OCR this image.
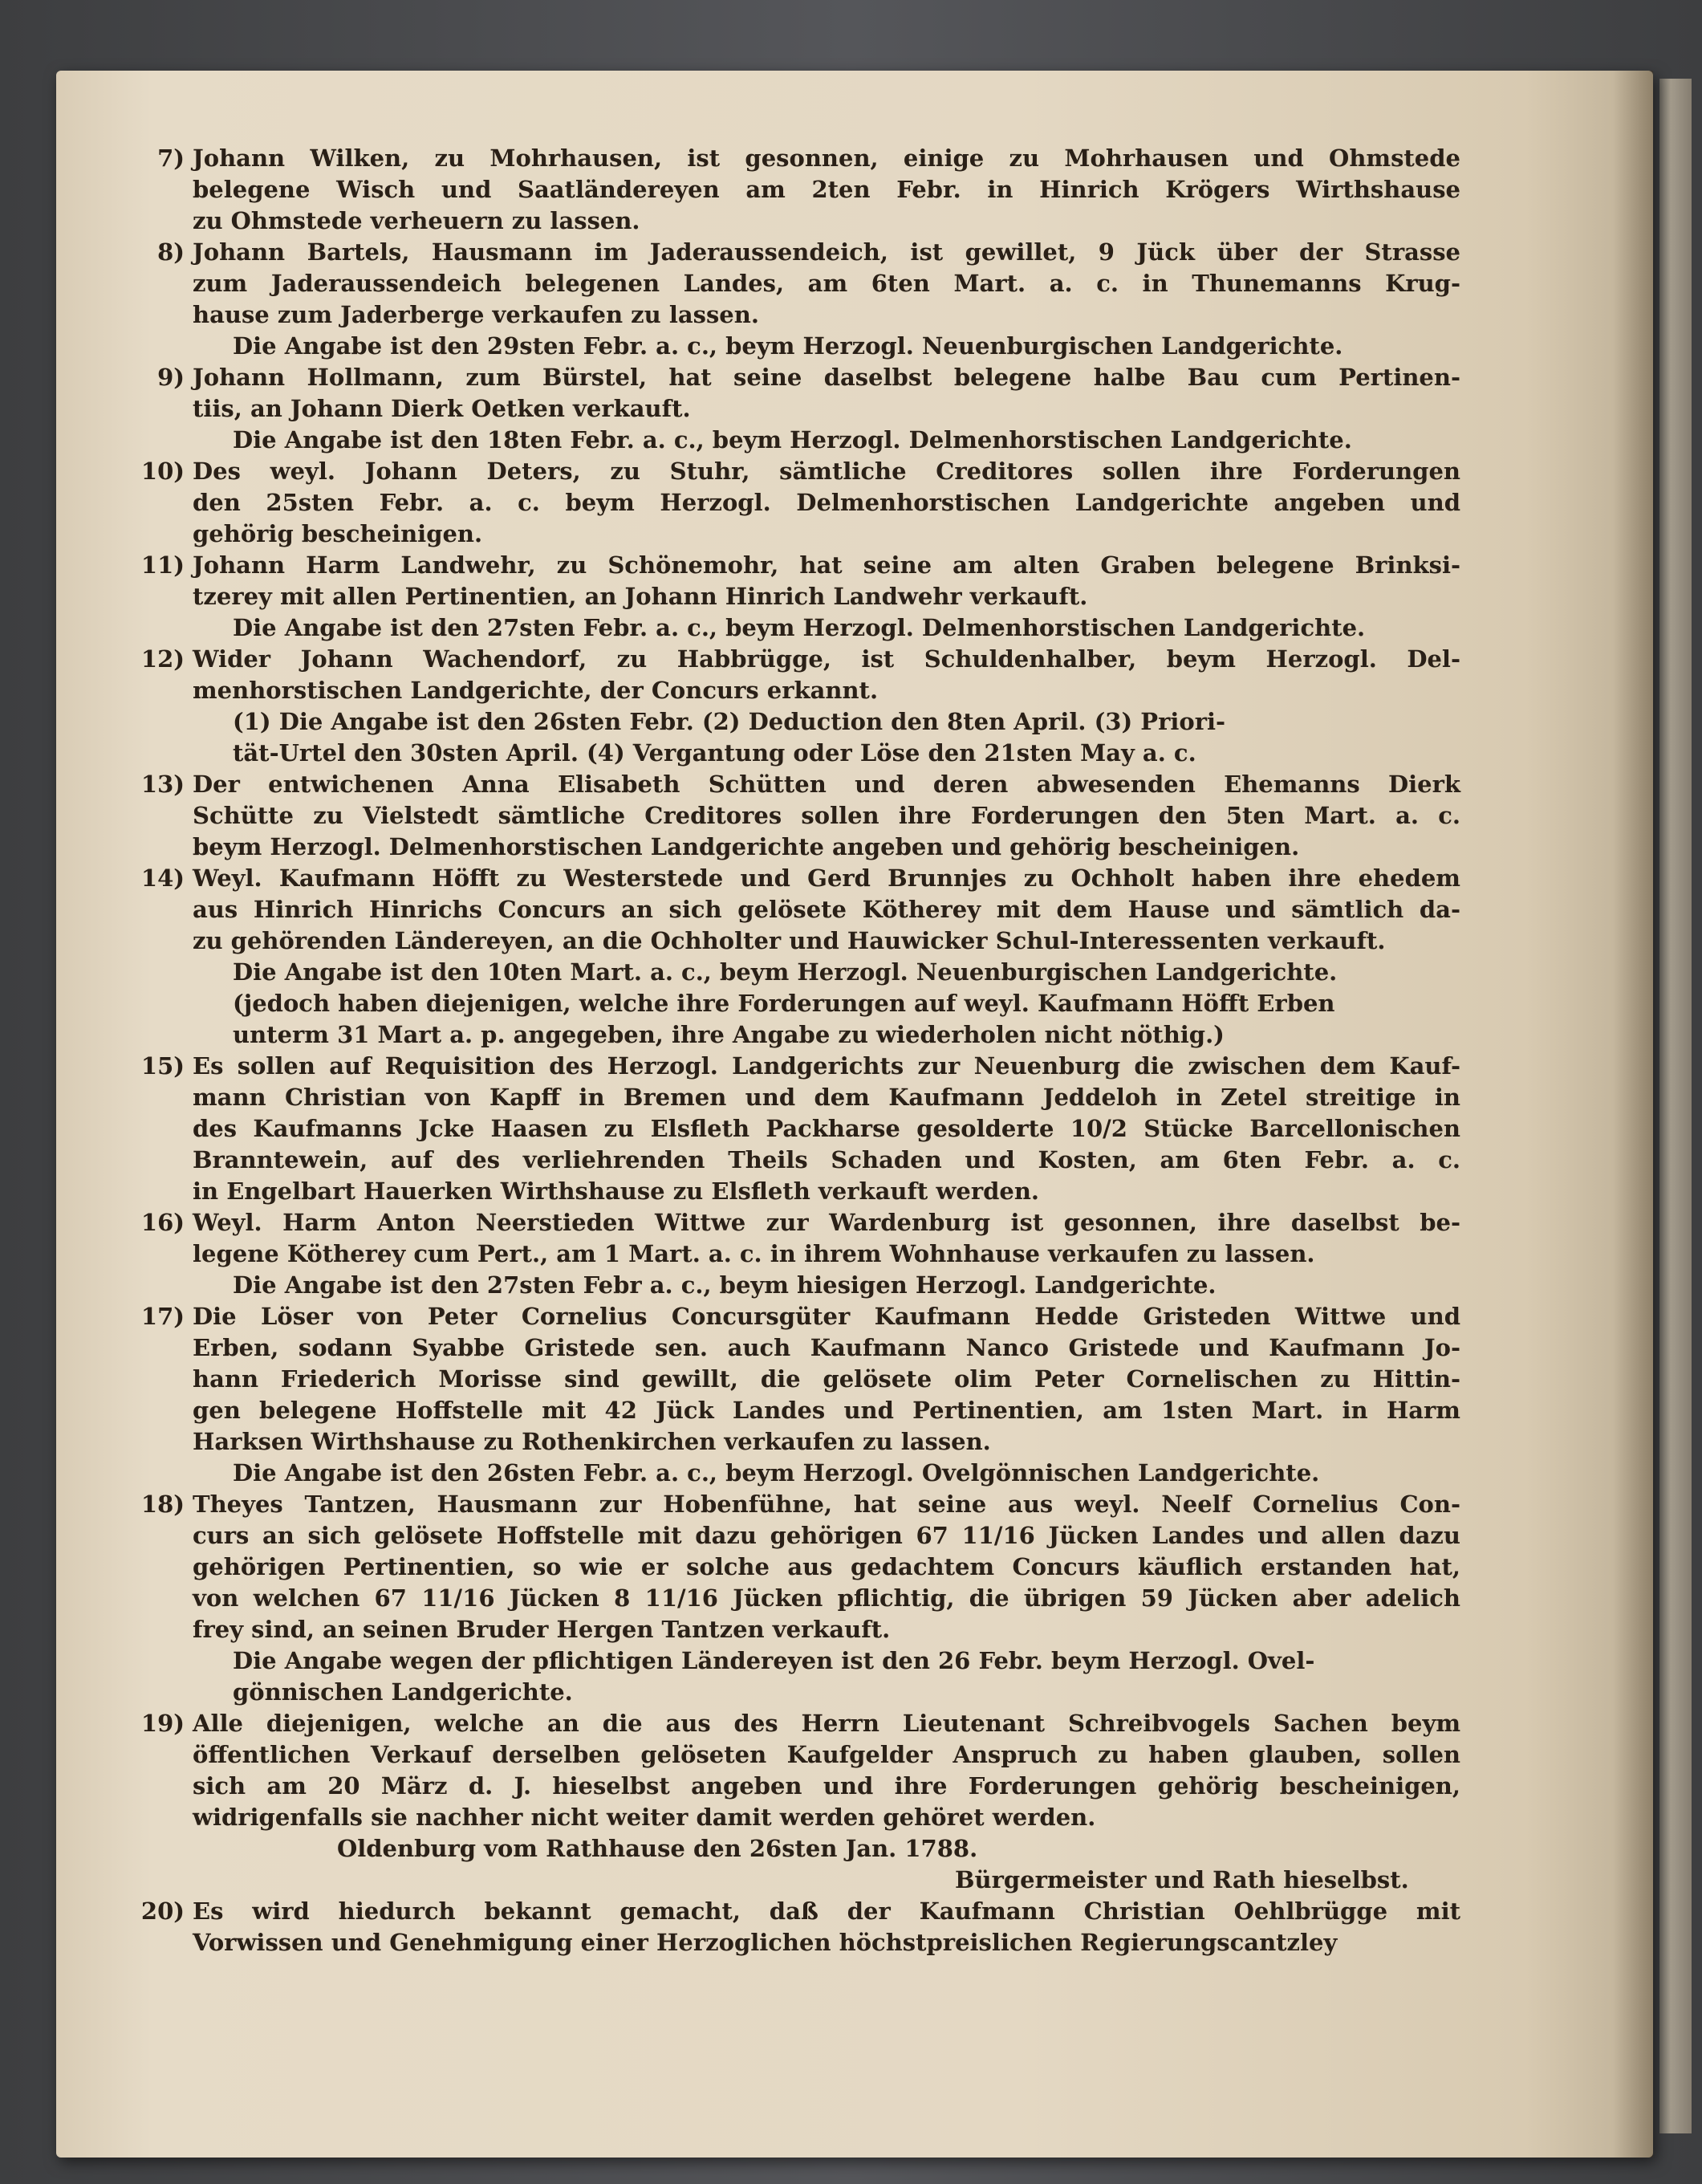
7) Johann Wilken, zu Mohrhausen, ist gesonnen, einige zu Mohrhausen und Ohmstede
belegene Wisch und Saatländereyen am 2ten Febr. in Hinrich Krögers Wirthshause
zu Ohmstede verheuern zu lassen.
8) Johann Bartels, Hausmann im Jaderaussendeich, ist gewillet, 9 Jück über der Strasse
zum Jaderaussendeich belegenen Landes, am 6ten Mart. a. c. in Thunemanns Krug-
hause zum Jaderberge verkaufen zu lassen.
Die Angabe ist den 29sten Febr. a. c., beym Herzogl. Neuenburgischen Landgerichte.
9) Johann Hollmann, zum Bürstel, hat seine daselbst belegene halbe Bau cum Pertinen-
tiis, an Johann Dierk Oetken verkauft.
Die Angabe ist den 18ten Febr. a. c., beym Herzogl. Delmenhorstischen Landgerichte.
10) Des weyl. Johann Deters, zu Stuhr, sämtliche Creditores sollen ihre Forderungen
den 25sten Febr. a. c. beym Herzogl. Delmenhorstischen Landgerichte angeben und
gehörig bescheinigen.
11) Johann Harm Landwehr, zu Schönemohr, hat seine am alten Graben belegene Brinksi-
tzerey mit allen Pertinentien, an Johann Hinrich Landwehr verkauft.
Die Angabe ist den 27sten Febr. a. c., beym Herzogl. Delmenhorstischen Landgerichte.
12) Wider Johann Wachendorf, zu Habbrügge, ist Schuldenhalber, beym Herzogl. Del-
menhorstischen Landgerichte, der Concurs erkannt.
(1) Die Angabe ist den 26sten Febr. (2) Deduction den 8ten April. (3) Priori-
tät-Urtel den 30sten April. (4) Vergantung oder Löse den 21sten May a. c.
13) Der entwichenen Anna Elisabeth Schütten und deren abwesenden Ehemanns Dierk
Schütte zu Vielstedt sämtliche Creditores sollen ihre Forderungen den 5ten Mart. a. c.
beym Herzogl. Delmenhorstischen Landgerichte angeben und gehörig bescheinigen.
14) Weyl. Kaufmann Höfft zu Westerstede und Gerd Brunnjes zu Ochholt haben ihre ehedem
aus Hinrich Hinrichs Concurs an sich gelösete Kötherey mit dem Hause und sämtlich da-
zu gehörenden Ländereyen, an die Ochholter und Hauwicker Schul-Interessenten verkauft.
Die Angabe ist den 10ten Mart. a. c., beym Herzogl. Neuenburgischen Landgerichte.
(jedoch haben diejenigen, welche ihre Forderungen auf weyl. Kaufmann Höfft Erben
unterm 31 Mart a. p. angegeben, ihre Angabe zu wiederholen nicht nöthig.)
15) Es sollen auf Requisition des Herzogl. Landgerichts zur Neuenburg die zwischen dem Kauf-
mann Christian von Kapff in Bremen und dem Kaufmann Jeddeloh in Zetel streitige in
des Kaufmanns Jcke Haasen zu Elsfleth Packharse gesolderte 10/2 Stücke Barcellonischen
Branntewein, auf des verliehrenden Theils Schaden und Kosten, am 6ten Febr. a. c.
in Engelbart Hauerken Wirthshause zu Elsfleth verkauft werden.
16) Weyl. Harm Anton Neerstieden Wittwe zur Wardenburg ist gesonnen, ihre daselbst be-
legene Kötherey cum Pert., am 1 Mart. a. c. in ihrem Wohnhause verkaufen zu lassen.
Die Angabe ist den 27sten Febr a. c., beym hiesigen Herzogl. Landgerichte.
17) Die Löser von Peter Cornelius Concursgüter Kaufmann Hedde Gristeden Wittwe und
Erben, sodann Syabbe Gristede sen. auch Kaufmann Nanco Gristede und Kaufmann Jo-
hann Friederich Morisse sind gewillt, die gelösete olim Peter Cornelischen zu Hittin-
gen belegene Hoffstelle mit 42 Jück Landes und Pertinentien, am 1sten Mart. in Harm
Harksen Wirthshause zu Rothenkirchen verkaufen zu lassen.
Die Angabe ist den 26sten Febr. a. c., beym Herzogl. Ovelgönnischen Landgerichte.
18) Theyes Tantzen, Hausmann zur Hobenfühne, hat seine aus weyl. Neelf Cornelius Con-
curs an sich gelösete Hoffstelle mit dazu gehörigen 67 11/16 Jücken Landes und allen dazu
gehörigen Pertinentien, so wie er solche aus gedachtem Concurs käuflich erstanden hat,
von welchen 67 11/16 Jücken 8 11/16 Jücken pflichtig, die übrigen 59 Jücken aber adelich
frey sind, an seinen Bruder Hergen Tantzen verkauft.
Die Angabe wegen der pflichtigen Ländereyen ist den 26 Febr. beym Herzogl. Ovel-
gönnischen Landgerichte.
19) Alle diejenigen, welche an die aus des Herrn Lieutenant Schreibvogels Sachen beym
öffentlichen Verkauf derselben gelöseten Kaufgelder Anspruch zu haben glauben, sollen
sich am 20 März d. J. hieselbst angeben und ihre Forderungen gehörig bescheinigen,
widrigenfalls sie nachher nicht weiter damit werden gehöret werden.
Oldenburg vom Rathhause den 26sten Jan. 1788.
Bürgermeister und Rath hieselbst.
20) Es wird hiedurch bekannt gemacht, daß der Kaufmann Christian Oehlbrügge mit
Vorwissen und Genehmigung einer Herzoglichen höchstpreislichen Regierungscantzley
